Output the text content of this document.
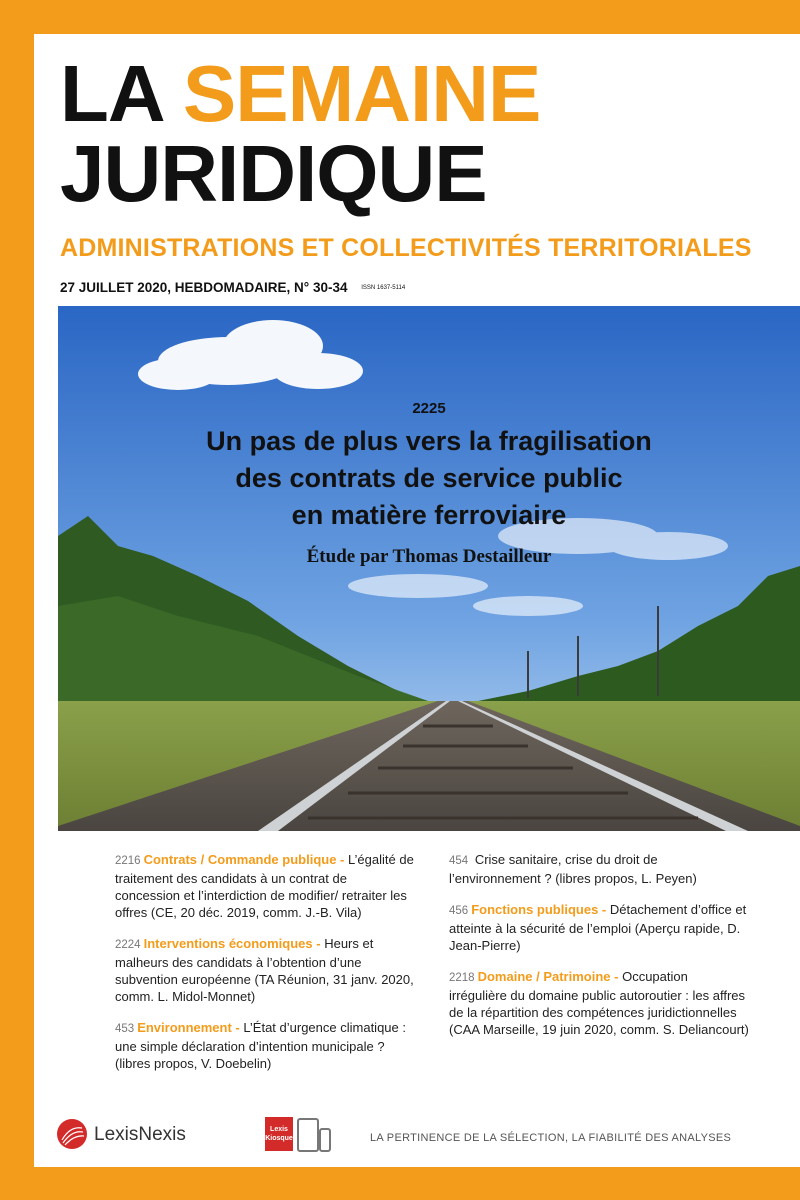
LA SEMAINE
JURIDIQUE
ADMINISTRATIONS ET COLLECTIVITÉS TERRITORIALES
27 JUILLET 2020, HEBDOMADAIRE, N° 30-34 ISSN 1637-5114
2225
Un pas de plus vers la fragilisation
des contrats de service public
en matière ferroviaire
Étude par Thomas Destailleur
2216 Contrats / Commande publique - L’égalité de traitement des candidats à un contrat de concession et l’interdiction de modifier/ retraiter les offres (CE, 20 déc. 2019, comm. J.-B. Vila)
2224 Interventions économiques - Heurs et malheurs des candidats à l’obtention d’une subvention européenne (TA Réunion, 31 janv. 2020, comm. L. Midol-Monnet)
453 Environnement - L’État d’urgence climatique : une simple déclaration d’intention municipale ? (libres propos, V. Doebelin)
454 Crise sanitaire, crise du droit de l’environnement ? (libres propos, L. Peyen)
456 Fonctions publiques - Détachement d’office et atteinte à la sécurité de l’emploi (Aperçu rapide, D. Jean-Pierre)
2218 Domaine / Patrimoine - Occupation irrégulière du domaine public autoroutier : les affres de la répartition des compétences juridictionnelles (CAA Marseille, 19 juin 2020, comm. S. Deliancourt)
LexisNexis	Lexis
Kiosque	LA PERTINENCE DE LA SÉLECTION, LA FIABILITÉ DES ANALYSES
